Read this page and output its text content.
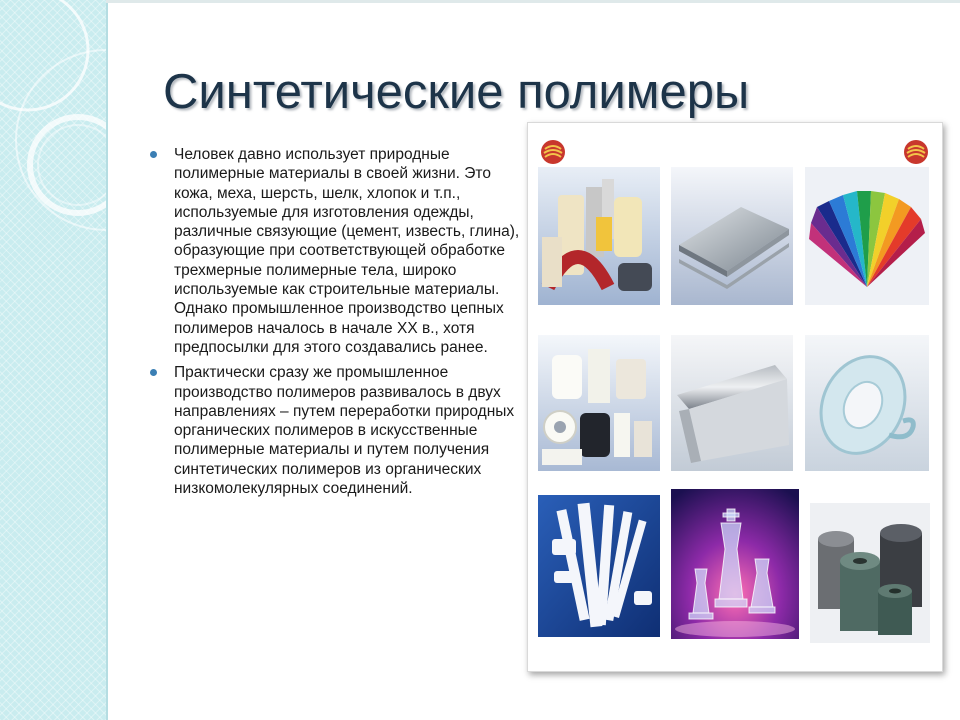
Синтетические полимеры

Человек давно использует природные полимерные материалы в своей жизни. Это кожа, меха, шерсть, шелк, хлопок и т.п., используемые для изготовления одежды, различные связующие (цемент, известь, глина), образующие при соответствующей обработке трехмерные полимерные тела, широко используемые как строительные материалы. Однако промышленное производство цепных полимеров началось в начале XX в., хотя предпосылки для этого создавались ранее.

Практически сразу же промышленное производство полимеров развивалось в двух направлениях – путем переработки природных органических полимеров в искусственные полимерные материалы и путем получения синтетических полимеров из органических низкомолекулярных соединений.
